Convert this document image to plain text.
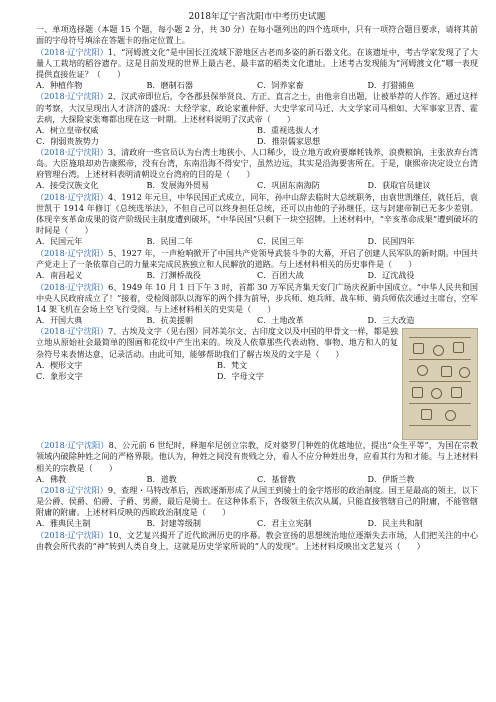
2018年辽宁省沈阳市中考历史试题

一、单项选择题（本题 15 个题，每小题 2 分，共 30 分）在每小题列出的四个选项中，只有一项符合题目要求，请将其前面的字母符号填涂在答题卡的指定位置上。

（2018·辽宁沈阳）1、“河姆渡文化”是中国长江流域下游地区古老而多姿的新石器文化。在该遗址中，考古学家发现了了大量人工栽培的稻谷遗存。这是目前发现的世界上最古老、最丰富的稻类文化遗址。上述考古发现能为“河姆渡文化”哪一表现提供直接佐证？（　　）

A．种植作物	B．磨制石器	C．饲养家畜	D．打猎捕鱼

（2018·辽宁沈阳）2、汉武帝即位后，令各郡县保举贤良、方正、直言之士，由他亲自出题，让被举荐的人作答。通过这样的考察，大汉呈现出人才济济的盛况：大经学家、政论家董仲舒、大史学家司马迁、大文学家司马相如、大军事家卫青、霍去病，大探险家张骞都出现在这一时期。上述材料说明了汉武帝（　　）

A．树立皇帝权威	B．重视选拔人才
C．削弱贵族势力	D．推崇儒家思想

（2018·辽宁沈阳）3、清政府一些官员认为台湾土地狭小、人口稀少，设立地方政府要靡耗钱养，浪费粮饷，主张放弃台湾岛。大臣施琅却劝告康熙帝，没有台湾，东南沿海不得安宁，虽然边远，其实是沿海要害所在。于是，康熙帝决定设立台湾府管理台湾。上述材料表明清朝设立台湾府的目的是（　　）

A．接受汉族文化	B．发展海外贸易	C．巩固东南海防	D．获取官员建议

（2018·辽宁沈阳）4、1912 年元旦，中华民国正式成立，同年，孙中山辞去临时大总统职务，由袁世凯继任，就任后，袁世凯于 1914 年修订《总统选举法》，不但自己可以终身担任总统，还可以由他的子孙继任，这与封建帝制已无多少差别。体现辛亥革命成果的资产阶级民主制度遭到破坏，“中华民国”只剩下一块空招牌。上述材料中，“辛亥革命成果”遭到破坏的时间是（　　）

A．民国元年	B．民国二年	C．民国三年	D．民国四年

（2018·辽宁沈阳）5、1927 年，一声枪响掀开了中国共产党领导武装斗争的大幕，开启了创建人民军队的新时期。中国共产党走上了一条依靠自己的力量来完成民族独立和人民解放的道路。与上述材料相关的历史事件是（　　）

A．南昌起义	B．汀渊桥战役	C．百团大战	D．辽沈战役

（2018·辽宁沈阳）6、1949 年 10 月 1 日下午 3 时，首都 30 万军民齐集天安门广场庆祝新中国成立。“中华人民共和国中央人民政府成立了！”接着，受检阅部队以海军的两个排为前导，步兵师、炮兵师、战车师、骑兵师依次通过主席台，空军 14 架飞机在会场上空飞行受阅。与上述材料相关的史实是（　　）

A．开国大典	B．抗美援朝	C．土地改革	D．三大改造

（2018·辽宁沈阳）7、古埃及文字（见右图）同苏美尔文、古印度文以及中国的甲骨文一样，都是独立地从原始社会最简单的图画和花纹中产生出来的。埃及人依靠那些代表动物、事物、地方和人的复杂符号来表情达意，记录活动。由此可知，能够帮助我们了解古埃及的文字是（　　）

A．楔形文字	B．梵文
C．象形文字	D．字母文字

（2018·辽宁沈阳）8、公元前 6 世纪时，释迦牟尼创立宗教，反对婆罗门种姓的优越地位，提出“众生平等”，为国在宗教领域内破除种姓之间的严格界限。他认为，种姓之间没有贵贱之分，看人不应分种姓出身，应看其行为和才能。与上述材料相关的宗教是（　　）

A．佛教	B．道教	C．基督教	D．伊斯兰教

（2018·辽宁沈阳）9、查理・马特改革后，西欧逐渐形成了从国王到骑士的金字塔形的政治制度。国王是最高的领主，以下是公爵、侯爵、伯爵、子爵、男爵，最后是骑士。在这种体系下，各级领主依次从属，只能直接管辖自己的附庸，不能管辖附庸的附庸。上述材料反映的西欧政治制度是（　　）

A．雅典民主制	B．封建等级制	C．君主立宪制	D．民主共和制

（2018·辽宁沈阳）10、文艺复兴揭开了近代欧洲历史的序幕。教会宣扬的思想统治地位逐渐失去市场，人们把关注的中心由教会所代表的“神”转到人类自身上，这就是历史学家所说的“人的发现”。上述材料反映出文艺复兴（　　）
